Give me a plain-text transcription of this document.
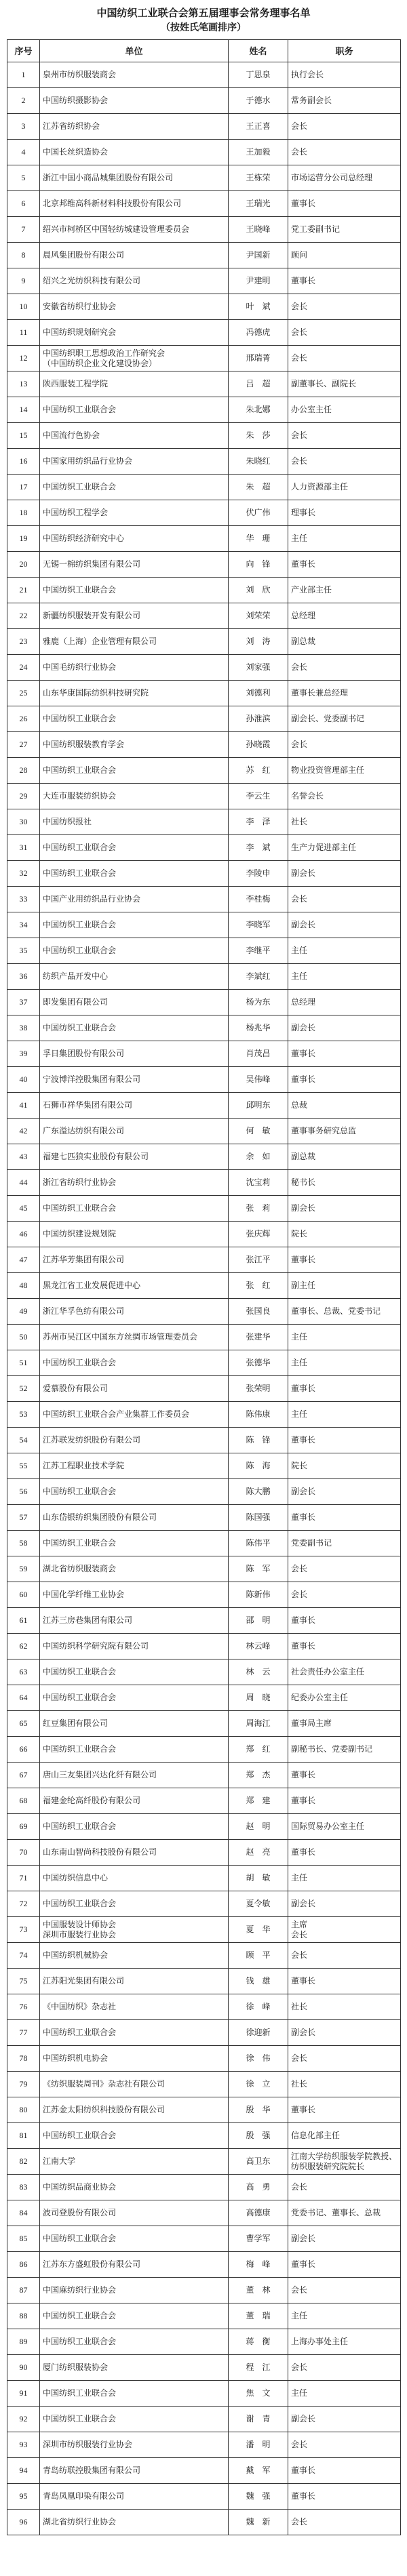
中国纺织工业联合会第五届理事会常务理事名单
（按姓氏笔画排序）
序号	单位	姓名	职务
1	泉州市纺织服装商会	丁思泉	执行会长
2	中国纺织摄影协会	于德水	常务副会长
3	江苏省纺织协会	王正喜	会长
4	中国长丝织造协会	王加毅	会长
5	浙江中国小商品城集团股份有限公司	王栋荣	市场运营分公司总经理
6	北京邦维高科新材料科技股份有限公司	王瑞光	董事长
7	绍兴市柯桥区中国轻纺城建设管理委员会	王晓峰	党工委副书记
8	晨风集团股份有限公司	尹国新	顾问
9	绍兴之光纺织科技有限公司	尹建明	董事长
10	安徽省纺织行业协会	叶　斌	会长
11	中国纺织规划研究会	冯德虎	会长
12	中国纺织职工思想政治工作研究会
（中国纺织企业文化建设协会）	邢瑞菁	会长
13	陕西服装工程学院	吕　超	副董事长、副院长
14	中国纺织工业联合会	朱北娜	办公室主任
15	中国流行色协会	朱　莎	会长
16	中国家用纺织品行业协会	朱晓红	会长
17	中国纺织工业联合会	朱　超	人力资源部主任
18	中国纺织工程学会	伏广伟	理事长
19	中国纺织经济研究中心	华　珊	主任
20	无锡一棉纺织集团有限公司	向　锋	董事长
21	中国纺织工业联合会	刘　欣	产业部主任
22	新疆纺织服装开发有限公司	刘荣荣	总经理
23	雅鹿（上海）企业管理有限公司	刘　涛	副总裁
24	中国毛纺织行业协会	刘家强	会长
25	山东华康国际纺织科技研究院	刘德利	董事长兼总经理
26	中国纺织工业联合会	孙淮滨	副会长、党委副书记
27	中国纺织服装教育学会	孙晓霞	会长
28	中国纺织工业联合会	苏　红	物业投资管理部主任
29	大连市服装纺织协会	李云生	名誉会长
30	中国纺织报社	李　泽	社长
31	中国纺织工业联合会	李　斌	生产力促进部主任
32	中国纺织工业联合会	李陵申	副会长
33	中国产业用纺织品行业协会	李桂梅	会长
34	中国纺织工业联合会	李晓军	副会长
35	中国纺织工业联合会	李继平	主任
36	纺织产品开发中心	李斌红	主任
37	即发集团有限公司	杨为东	总经理
38	中国纺织工业联合会	杨兆华	副会长
39	孚日集团股份有限公司	肖茂昌	董事长
40	宁波博洋控股集团有限公司	吴伟峰	董事长
41	石狮市祥华集团有限公司	邱明东	总裁
42	广东溢达纺织有限公司	何　敏	董事事务研究总监
43	福建七匹狼实业股份有限公司	余　如	副总裁
44	浙江省纺织行业协会	沈宝莉	秘书长
45	中国纺织工业联合会	张　莉	副会长
46	中国纺织建设规划院	张庆辉	院长
47	江苏华芳集团有限公司	张江平	董事长
48	黑龙江省工业发展促进中心	张　红	副主任
49	浙江华孚色纺有限公司	张国良	董事长、总裁、党委书记
50	苏州市吴江区中国东方丝绸市场管理委员会	张建华	主任
51	中国纺织工业联合会	张德华	主任
52	爱慕股份有限公司	张荣明	董事长
53	中国纺织工业联合会产业集群工作委员会	陈伟康	主任
54	江苏联发纺织股份有限公司	陈　锋	董事长
55	江苏工程职业技术学院	陈　海	院长
56	中国纺织工业联合会	陈大鹏	副会长
57	山东岱银纺织集团股份有限公司	陈国强	董事长
58	中国纺织工业联合会	陈伟平	党委副书记
59	湖北省纺织服装商会	陈　军	会长
60	中国化学纤维工业协会	陈新伟	会长
61	江苏三房巷集团有限公司	邵　明	董事长
62	中国纺织科学研究院有限公司	林云峰	董事长
63	中国纺织工业联合会	林　云	社会责任办公室主任
64	中国纺织工业联合会	周　晓	纪委办公室主任
65	红豆集团有限公司	周海江	董事局主席
66	中国纺织工业联合会	郑　红	副秘书长、党委副书记
67	唐山三友集团兴达化纤有限公司	郑　杰	董事长
68	福建金纶高纤股份有限公司	郑　建	董事长
69	中国纺织工业联合会	赵　明	国际贸易办公室主任
70	山东南山智尚科技股份有限公司	赵　亮	董事长
71	中国纺织信息中心	胡　敏	主任
72	中国纺织工业联合会	夏令敏	副会长
73	中国服装设计师协会
深圳市服装行业协会	夏　华	主席
会长
74	中国纺织机械协会	顾　平	会长
75	江苏阳光集团有限公司	钱　雄	董事长
76	《中国纺织》杂志社	徐　峰	社长
77	中国纺织工业联合会	徐迎新	副会长
78	中国纺织机电协会	徐　伟	会长
79	《纺织服装周刊》杂志社有限公司	徐　立	社长
80	江苏金太阳纺织科技股份有限公司	殷　华	董事长
81	中国纺织工业联合会	殷　强	信息化部主任
82	江南大学	高卫东	江南大学纺织服装学院教授、纺织服装研究院院长
83	中国纺织品商业协会	高　勇	会长
84	波司登股份有限公司	高德康	党委书记、董事长、总裁
85	中国纺织工业联合会	曹学军	副会长
86	江苏东方盛虹股份有限公司	梅　峰	董事长
87	中国麻纺织行业协会	董　林	会长
88	中国纺织工业联合会	董　瑞	主任
89	中国纺织工业联合会	蒋　衡	上海办事处主任
90	厦门纺织服装协会	程　江	会长
91	中国纺织工业联合会	焦　文	主任
92	中国纺织工业联合会	谢　青	副会长
93	深圳市纺织服装行业协会	潘　明	会长
94	青岛纺联控股集团有限公司	戴　军	董事长
95	青岛凤凰印染有限公司	魏　强	董事长
96	湖北省纺织行业协会	魏　新	会长
